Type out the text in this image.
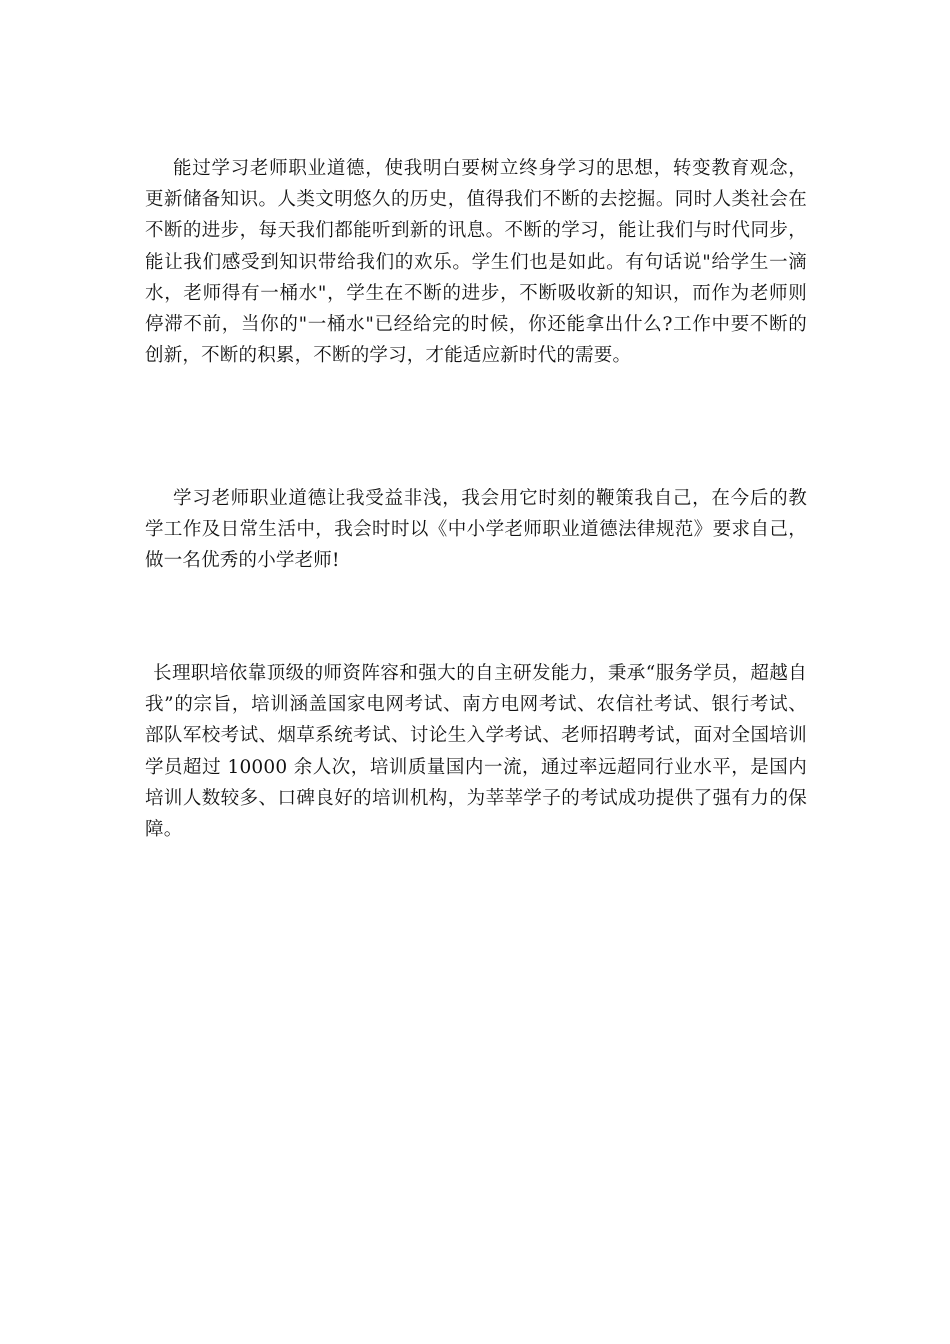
能过学习老师职业道德，使我明白要树立终身学习的思想，转变教育观念，更新储备知识。人类文明悠久的历史，值得我们不断的去挖掘。同时人类社会在不断的进步，每天我们都能听到新的讯息。不断的学习，能让我们与时代同步，能让我们感受到知识带给我们的欢乐。学生们也是如此。有句话说"给学生一滴水，老师得有一桶水"，学生在不断的进步，不断吸收新的知识，而作为老师则停滞不前，当你的"一桶水"已经给完的时候，你还能拿出什么?工作中要不断的创新，不断的积累，不断的学习，才能适应新时代的需要。

学习老师职业道德让我受益非浅，我会用它时刻的鞭策我自己，在今后的教学工作及日常生活中，我会时时以《中小学老师职业道德法律规范》要求自己，做一名优秀的小学老师!

长理职培依靠顶级的师资阵容和强大的自主研发能力，秉承“服务学员，超越自我”的宗旨，培训涵盖国家电网考试、南方电网考试、农信社考试、银行考试、部队军校考试、烟草系统考试、讨论生入学考试、老师招聘考试，面对全国培训学员超过 10000 余人次，培训质量国内一流，通过率远超同行业水平，是国内培训人数较多、口碑良好的培训机构，为莘莘学子的考试成功提供了强有力的保障。
